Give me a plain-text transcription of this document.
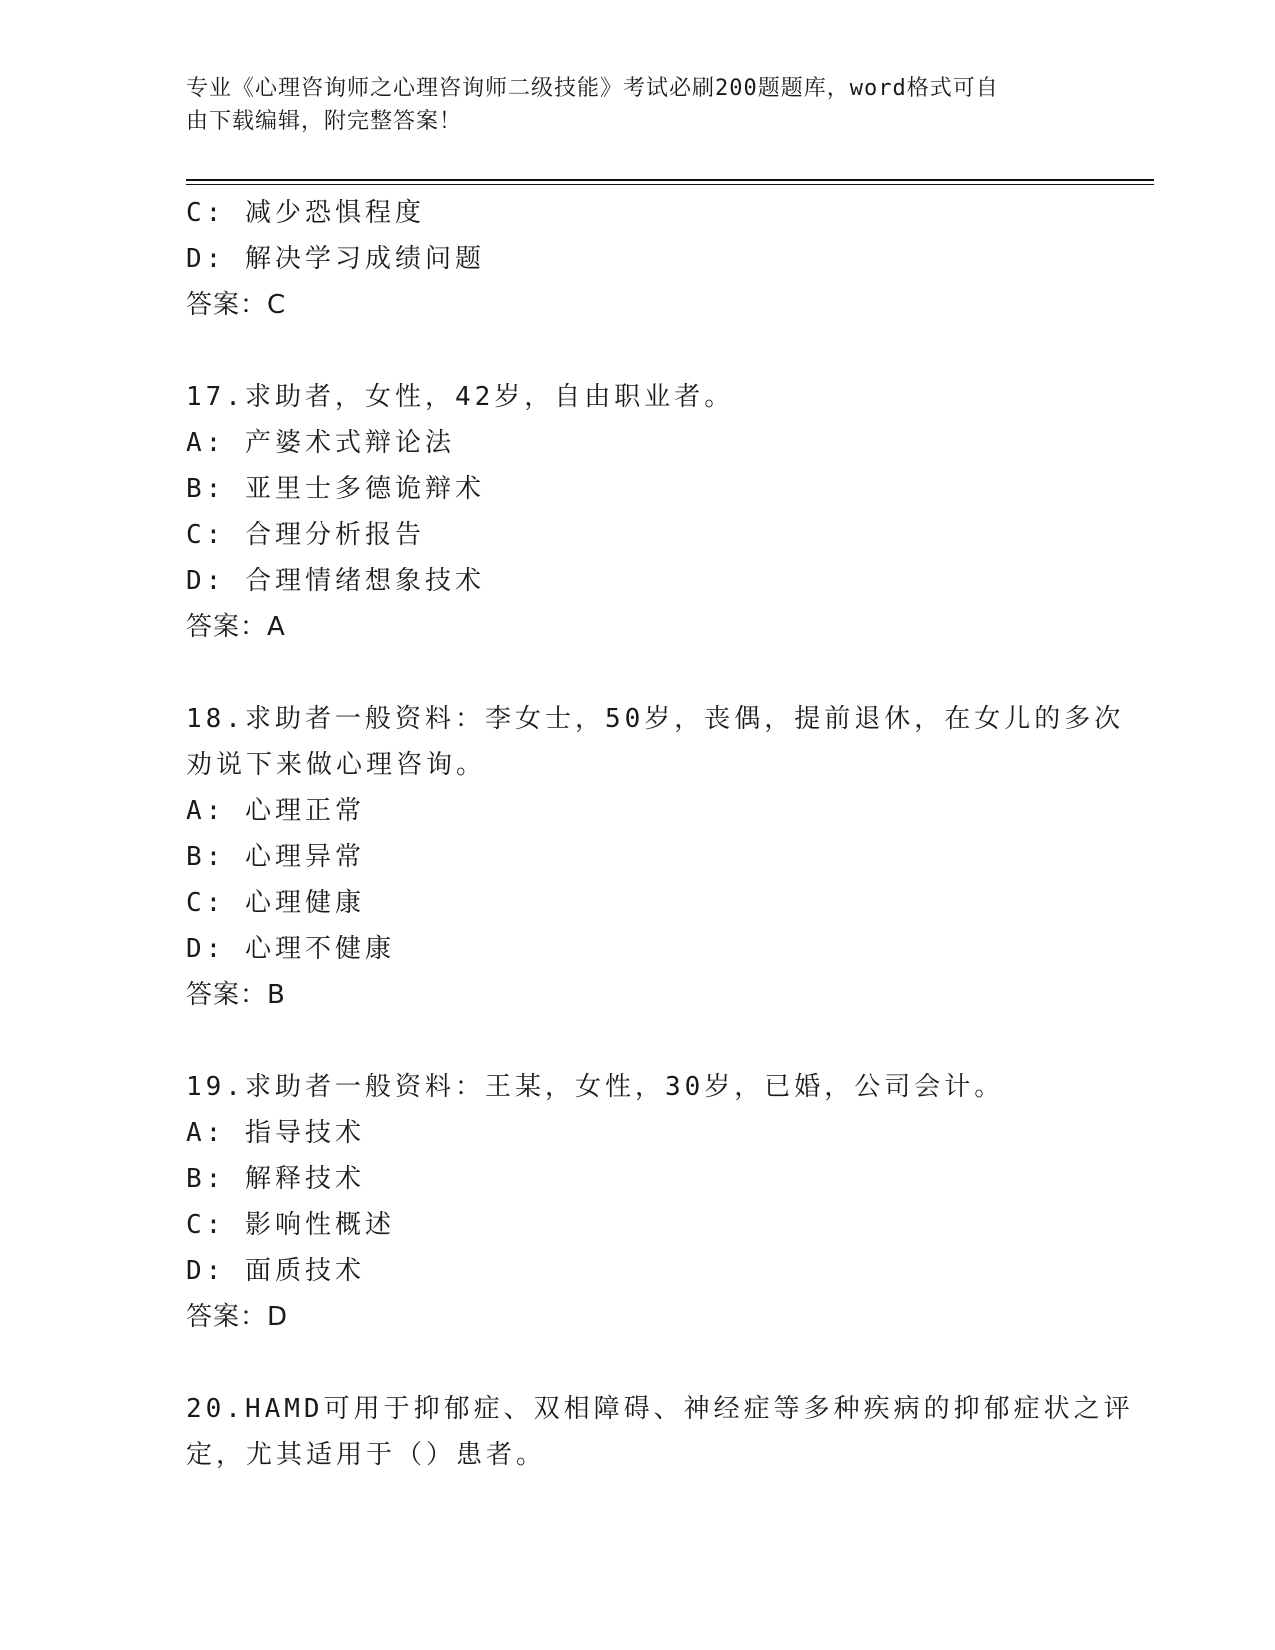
专业《心理咨询师之心理咨询师二级技能》考试必刷200题题库，word格式可自
由下载编辑，附完整答案！
C: 减少恐惧程度
D: 解决学习成绩问题
答案：C
17.求助者，女性，42岁，自由职业者。
A: 产婆术式辩论法
B: 亚里士多德诡辩术
C: 合理分析报告
D: 合理情绪想象技术
答案：A
18.求助者一般资料：李女士，50岁，丧偶，提前退休，在女儿的多次
劝说下来做心理咨询。
A: 心理正常
B: 心理异常
C: 心理健康
D: 心理不健康
答案：B
19.求助者一般资料：王某，女性，30岁，已婚，公司会计。
A: 指导技术
B: 解释技术
C: 影响性概述
D: 面质技术
答案：D
20.HAMD可用于抑郁症、双相障碍、神经症等多种疾病的抑郁症状之评
定，尤其适用于（）患者。
